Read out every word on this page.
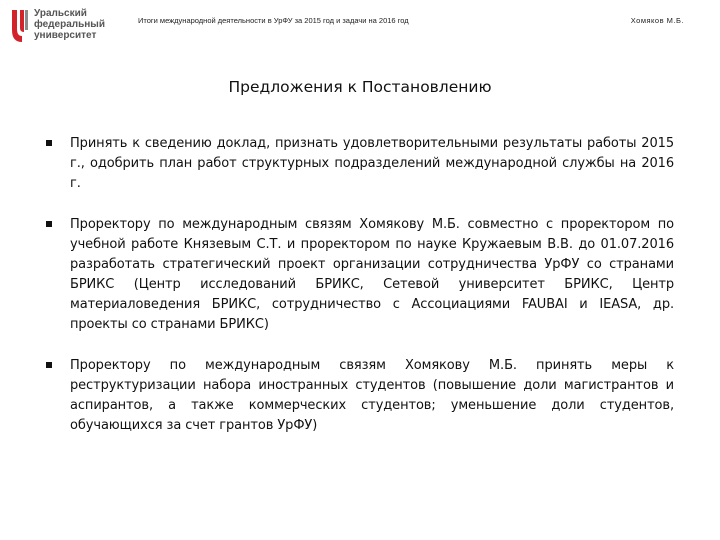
Уральский
федеральный
университет
Итоги международной деятельности в УрФУ за 2015 год и задачи на 2016 год	Хомяков М.Б.
Предложения к Постановлению
Принять к сведению доклад, признать удовлетворительными результаты работы 2015 г., одобрить план работ структурных подразделений международной службы на 2016 г.
Проректору по международным связям Хомякову М.Б. совместно с проректором по учебной работе Князевым С.Т. и проректором по науке Кружаевым В.В. до 01.07.2016 разработать стратегический проект организации сотрудничества УрФУ со странами БРИКС (Центр исследований БРИКС, Сетевой университет БРИКС, Центр материаловедения БРИКС, сотрудничество с Ассоциациями FAUBAI и IEASA, др. проекты со странами БРИКС)
Проректору по международным связям Хомякову М.Б. принять меры к реструктуризации набора иностранных студентов (повышение доли магистрантов и аспирантов, а также коммерческих студентов; уменьшение доли студентов, обучающихся за счет грантов УрФУ)
